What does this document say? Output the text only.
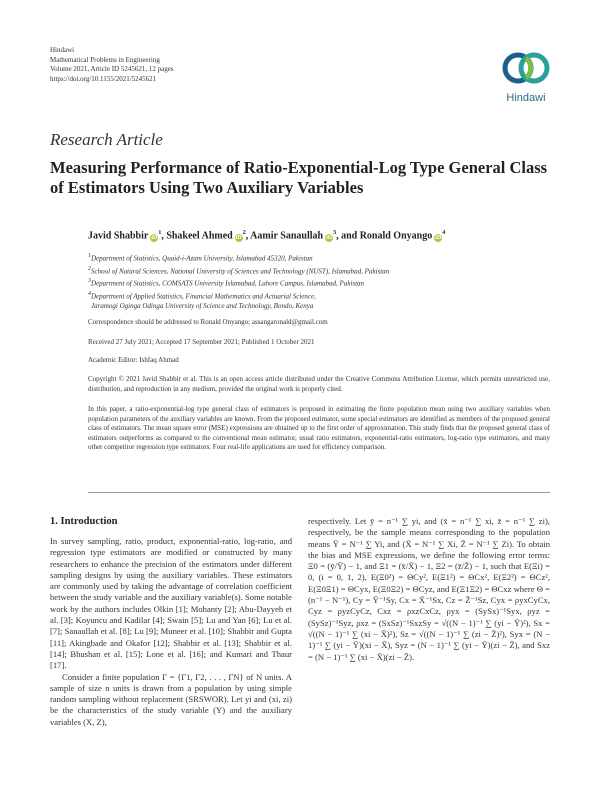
Hindawi
Mathematical Problems in Engineering
Volume 2021, Article ID 5245621, 12 pages
https://doi.org/10.1155/2021/5245621
Hindawi
Research Article
Measuring Performance of Ratio-Exponential-Log Type General Class of Estimators Using Two Auxiliary Variables
Javid Shabbir $iD^1$, Shakeel Ahmed $iD^2$, Aamir Sanaullah $iD^3$, and Ronald Onyango $iD^4$
1Department of Statistics, Quaid-i-Azam University, Islamabad 45320, Pakistan
2School of Natural Sciences, National University of Sciences and Technology (NUST), Islamabad, Pakistan
3Department of Statistics, COMSATS University Islamabad, Lahore Campus, Islamabad, Pakistan
4Department of Applied Statistics, Financial Mathematics and Actuarial Science,
Jaramogi Oginga Odinga University of Science and Technology, Bondo, Kenya
Correspondence should be addressed to Ronald Onyango; assangaronald@gmail.com
Received 27 July 2021; Accepted 17 September 2021; Published 1 October 2021
Academic Editor: Ishfaq Ahmad
Copyright © 2021 Javid Shabbir et al. This is an open access article distributed under the Creative Commons Attribution License, which permits unrestricted use, distribution, and reproduction in any medium, provided the original work is properly cited.
In this paper, a ratio-exponential-log type general class of estimators is proposed in estimating the finite population mean using two auxiliary variables when population parameters of the auxiliary variables are known. From the proposed estimator, some special estimators are identified as members of the proposed general class of estimators. The mean square error (MSE) expressions are obtained up to the first order of approximation. This study finds that the proposed general class of estimators outperforms as compared to the conventional mean estimator, usual ratio estimators, exponential-ratio estimators, log-ratio type estimators, and many other competitor regression type estimators. Four real-life applications are used for efficiency comparison.
1. Introduction

In survey sampling, ratio, product, exponential-ratio, log-ratio, and regression type estimators are modified or constructed by many researchers to enhance the precision of the estimators under different sampling designs by using the auxiliary variables. These estimators are commonly used by taking the advantage of correlation coefficient between the study variable and the auxiliary variable(s). Some notable work by the authors includes Olkin [1]; Mohanty [2]; Abu-Dayyeh et al. [3]; Koyuncu and Kadilar [4]; Swain [5]; Lu and Yan [6]; Lu et al. [7]; Sanaullah et al. [8]; Lu [9]; Muneer et al. [10]; Shabbir and Gupta [11]; Akingbade and Okafor [12]; Shabbir et al. [13]; Shabbir et al. [14]; Bhushan et al. [15]; Lone et al. [16]; and Kumari and Thaur [17].

Consider a finite population Γ = {Γ1, Γ2, . . . , ΓN} of N units. A sample of size n units is drawn from a population by using simple random sampling without replacement (SRSWOR). Let yi and (xi, zi) be the characteristics of the study variable (Y) and the auxiliary variables (X, Z),

respectively. Let ȳ = n⁻¹ ∑ yi, and (x̄ = n⁻¹ ∑ xi, z̄ = n⁻¹ ∑ zi), respectively, be the sample means corresponding to the population means Ȳ = N⁻¹ ∑ Yi, and (X̄ = N⁻¹ ∑ Xi, Z̄ = N⁻¹ ∑ Zi). To obtain the bias and MSE expressions, we define the following error terms: Ξ0 = (ȳ/Ȳ) − 1, and Ξ1 = (x̄/X̄) − 1, Ξ2 = (z̄/Z̄) − 1, such that E(Ξi) = 0, (i = 0, 1, 2), E(Ξ0²) = ΘCy², E(Ξ1²) = ΘCx², E(Ξ2²) = ΘCz², E(Ξ0Ξ1) = ΘCyx, E(Ξ0Ξ2) = ΘCyz, and E(Ξ1Ξ2) = ΘCxz where Θ = (n⁻¹ − N⁻¹), Cy = Ȳ⁻¹Sy, Cx = X̄⁻¹Sx, Cz = Z̄⁻¹Sz, Cyx = ρyxCyCx, Cyz = ρyzCyCz, Cxz = ρxzCxCz, ρyx = (SySx)⁻¹Syx, ρyz = (SySz)⁻¹Syz, ρxz = (SxSz)⁻¹SxzSy = √((N − 1)⁻¹ ∑ (yi − Ȳ)²), Sx = √((N − 1)⁻¹ ∑ (xi − X̄)²), Sz = √((N − 1)⁻¹ ∑ (zi − Z̄)²), Syx = (N − 1)⁻¹ ∑ (yi − Ȳ)(xi − X̄), Syz = (N − 1)⁻¹ ∑ (yi − Ȳ)(zi − Z̄), and Sxz = (N − 1)⁻¹ ∑ (xi − X̄)(zi − Z̄).
